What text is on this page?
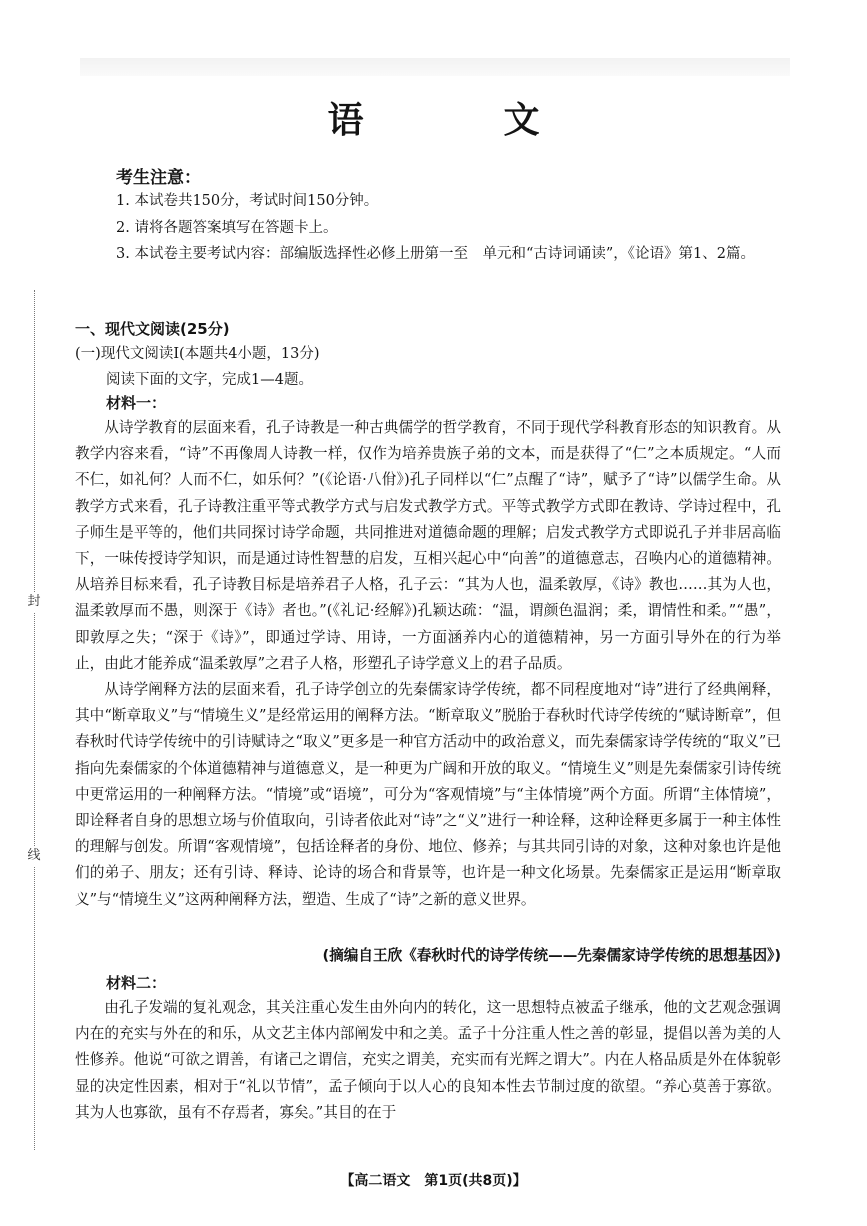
封
线
语　文
考生注意：

1. 本试卷共150分，考试时间150分钟。

2. 请将各题答案填写在答题卡上。

3. 本试卷主要考试内容：部编版选择性必修上册第一至　单元和“古诗词诵读”，《论语》第1、2篇。

一、现代文阅读(25分)
(一)现代文阅读Ⅰ(本题共4小题，13分)
阅读下面的文字，完成1—4题。
材料一：

从诗学教育的层面来看，孔子诗教是一种古典儒学的哲学教育，不同于现代学科教育形态的知识教育。从教学内容来看，“诗”不再像周人诗教一样，仅作为培养贵族子弟的文本，而是获得了“仁”之本质规定。“人而不仁，如礼何？人而不仁，如乐何？”(《论语·八佾》)孔子同样以“仁”点醒了“诗”，赋予了“诗”以儒学生命。从教学方式来看，孔子诗教注重平等式教学方式与启发式教学方式。平等式教学方式即在教诗、学诗过程中，孔子师生是平等的，他们共同探讨诗学命题，共同推进对道德命题的理解；启发式教学方式即说孔子并非居高临下，一味传授诗学知识，而是通过诗性智慧的启发，互相兴起心中“向善”的道德意志，召唤内心的道德精神。从培养目标来看，孔子诗教目标是培养君子人格，孔子云：“其为人也，温柔敦厚，《诗》教也……其为人也，温柔敦厚而不愚，则深于《诗》者也。”(《礼记·经解》)孔颖达疏：“温，谓颜色温润；柔，谓情性和柔。”“愚”，即敦厚之失；“深于《诗》”，即通过学诗、用诗，一方面涵养内心的道德精神，另一方面引导外在的行为举止，由此才能养成“温柔敦厚”之君子人格，形塑孔子诗学意义上的君子品质。

从诗学阐释方法的层面来看，孔子诗学创立的先秦儒家诗学传统，都不同程度地对“诗”进行了经典阐释，其中“断章取义”与“情境生义”是经常运用的阐释方法。“断章取义”脱胎于春秋时代诗学传统的“赋诗断章”，但春秋时代诗学传统中的引诗赋诗之“取义”更多是一种官方活动中的政治意义，而先秦儒家诗学传统的“取义”已指向先秦儒家的个体道德精神与道德意义，是一种更为广阔和开放的取义。“情境生义”则是先秦儒家引诗传统中更常运用的一种阐释方法。“情境”或“语境”，可分为“客观情境”与“主体情境”两个方面。所谓“主体情境”，即诠释者自身的思想立场与价值取向，引诗者依此对“诗”之“义”进行一种诠释，这种诠释更多属于一种主体性的理解与创发。所谓“客观情境”，包括诠释者的身份、地位、修养；与其共同引诗的对象，这种对象也许是他们的弟子、朋友；还有引诗、释诗、论诗的场合和背景等，也许是一种文化场景。先秦儒家正是运用“断章取义”与“情境生义”这两种阐释方法，塑造、生成了“诗”之新的意义世界。

(摘编自王欣《春秋时代的诗学传统——先秦儒家诗学传统的思想基因》)
材料二：

由孔子发端的复礼观念，其关注重心发生由外向内的转化，这一思想特点被孟子继承，他的文艺观念强调内在的充实与外在的和乐，从文艺主体内部阐发中和之美。孟子十分注重人性之善的彰显，提倡以善为美的人性修养。他说“可欲之谓善，有诸己之谓信，充实之谓美，充实而有光辉之谓大”。内在人格品质是外在体貌彰显的决定性因素，相对于“礼以节情”，孟子倾向于以人心的良知本性去节制过度的欲望。“养心莫善于寡欲。其为人也寡欲，虽有不存焉者，寡矣。”其目的在于

【高二语文　第1页(共8页)】
